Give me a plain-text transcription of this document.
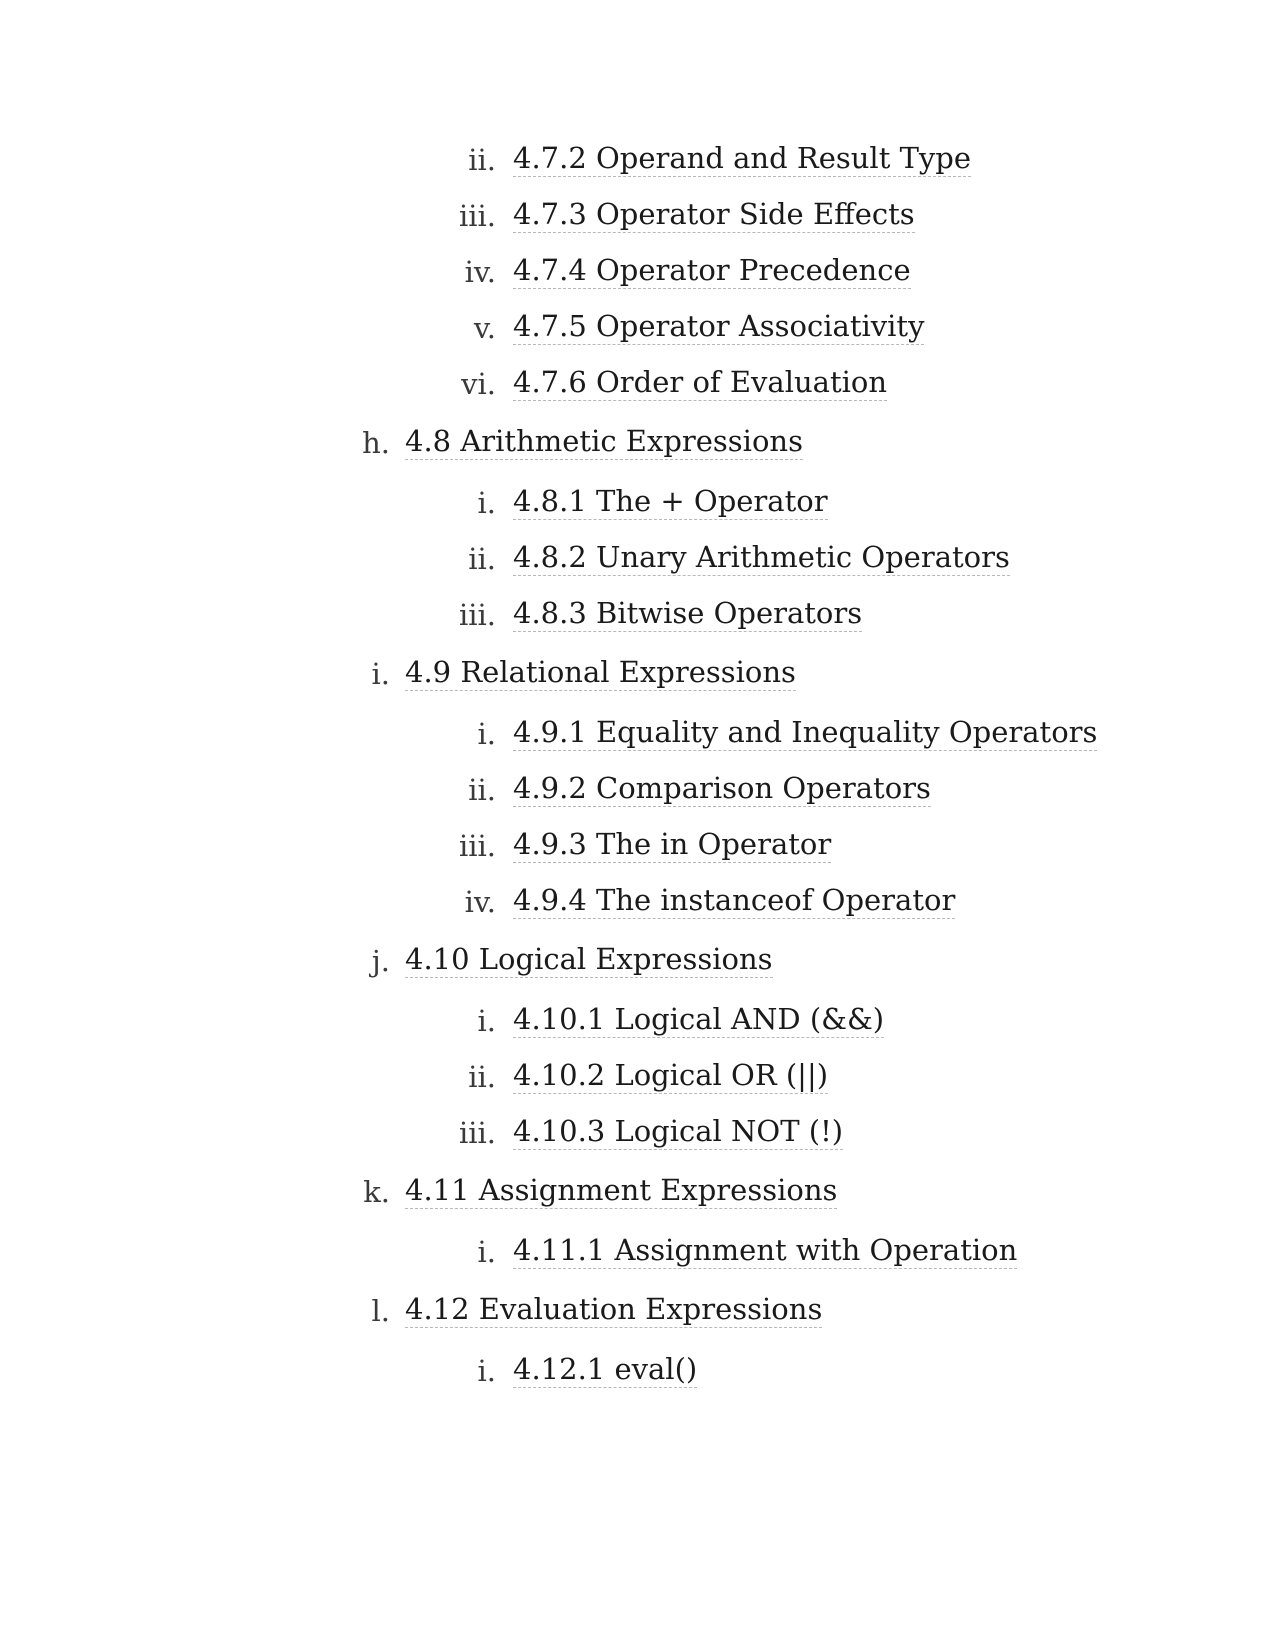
ii. 4.7.2 Operand and Result Type
iii. 4.7.3 Operator Side Effects
iv. 4.7.4 Operator Precedence
v. 4.7.5 Operator Associativity
vi. 4.7.6 Order of Evaluation
h. 4.8 Arithmetic Expressions
i. 4.8.1 The + Operator
ii. 4.8.2 Unary Arithmetic Operators
iii. 4.8.3 Bitwise Operators
i. 4.9 Relational Expressions
i. 4.9.1 Equality and Inequality Operators
ii. 4.9.2 Comparison Operators
iii. 4.9.3 The in Operator
iv. 4.9.4 The instanceof Operator
j. 4.10 Logical Expressions
i. 4.10.1 Logical AND (&&)
ii. 4.10.2 Logical OR (||)
iii. 4.10.3 Logical NOT (!)
k. 4.11 Assignment Expressions
i. 4.11.1 Assignment with Operation
l. 4.12 Evaluation Expressions
i. 4.12.1 eval()
